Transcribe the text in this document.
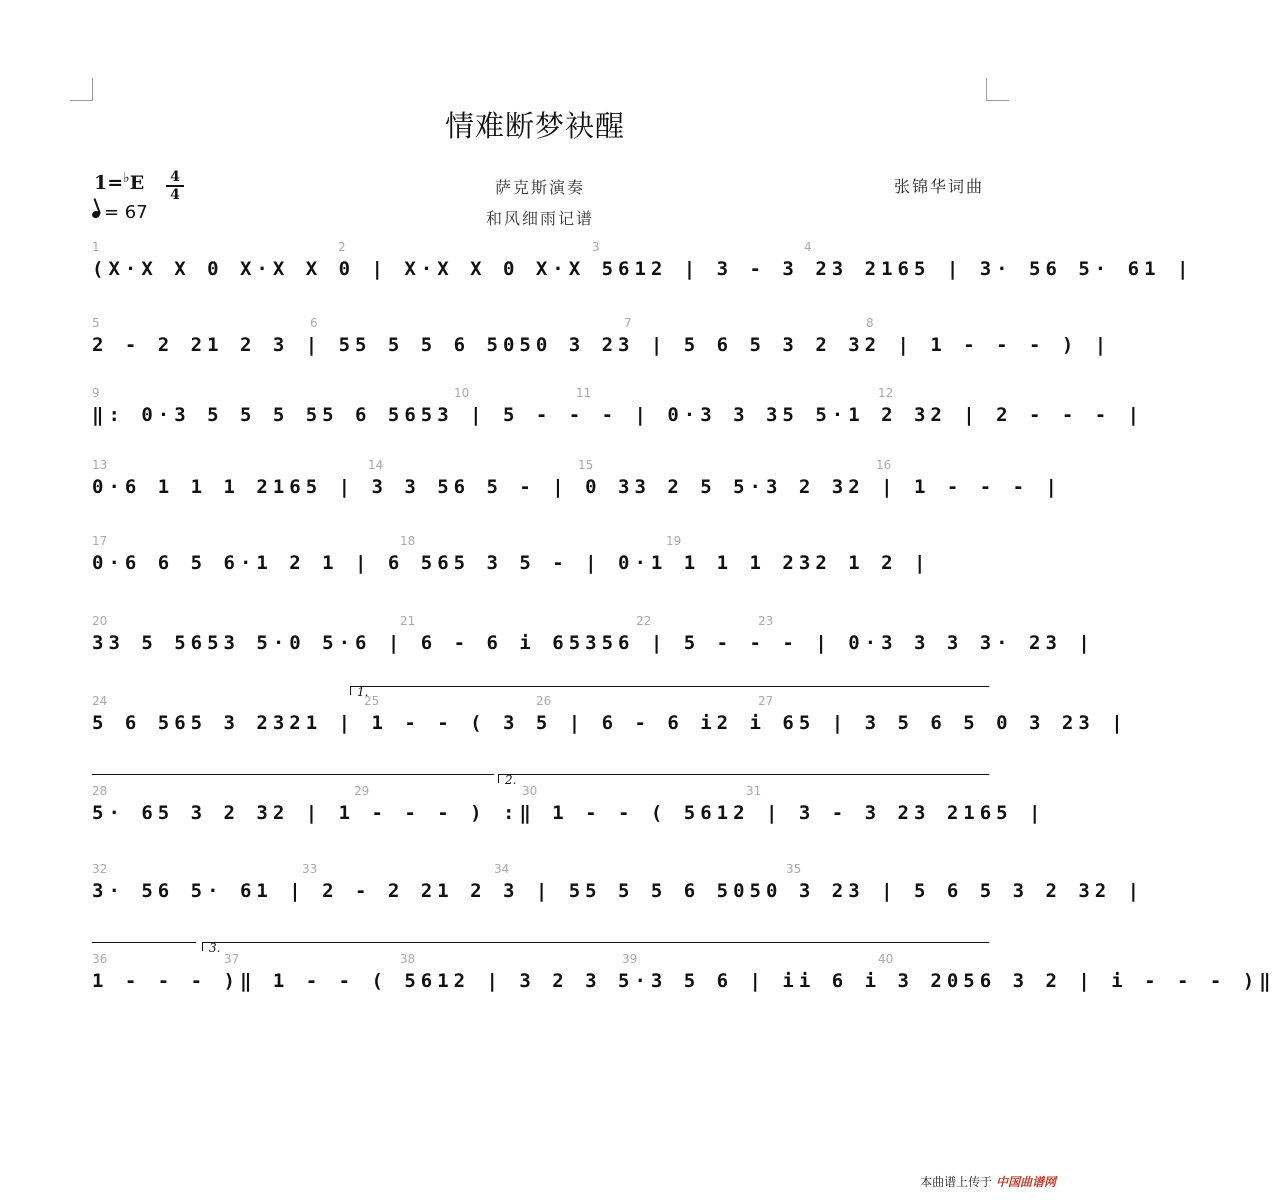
情难断梦袂醒
1=♭E 4
4
= 67
萨克斯演奏
和风细雨记谱
张锦华词曲
1	2	3	4
(X·X X 0 X·X X 0 | X·X X 0 X·X 5612 | 3 - 3 23 2165 | 3· 56 5· 61 |
5	6	7	8
2 - 2 21 2 3 | 55 5 5 6 5050 3 23 | 5 6 5 3 2 32 | 1 - - - ) |
9	10	11	12
‖: 0·3 5 5 5 55 6 5653 | 5 - - - | 0·3 3 35 5·1 2 32 | 2 - - - |
13	14	15	16
0·6 1 1 1 2165 | 3 3 56 5 - | 0 33 2 5 5·3 2 32 | 1 - - - |
17	18	19
0·6 6 5 6·1 2 1 | 6 565 3 5 - | 0·1 1 1 1 232 1 2 |
20	21	22	23
33 5 5653 5·0 5·6 | 6 - 6 i 65356 | 5 - - - | 0·3 3 3 3· 23 |
1.
24	25	26	27
5 6 565 3 2321 | 1 - - ( 3 5 | 6 - 6 i2 i 65 | 3 5 6 5 0 3 23 |
2.
28	29	30	31
5· 65 3 2 32 | 1 - - - ) :‖ 1 - - ( 5612 | 3 - 3 23 2165 |
32	33	34	35
3· 56 5· 61 | 2 - 2 21 2 3 | 55 5 5 6 5050 3 23 | 5 6 5 3 2 32 |
3.
36	37	38	39	40
1 - - - )‖ 1 - - ( 5612 | 3 2 3 5·3 5 6 | ii 6 i 3 2056 3 2 | i - - - )‖
本曲谱上传于 中国曲谱网
